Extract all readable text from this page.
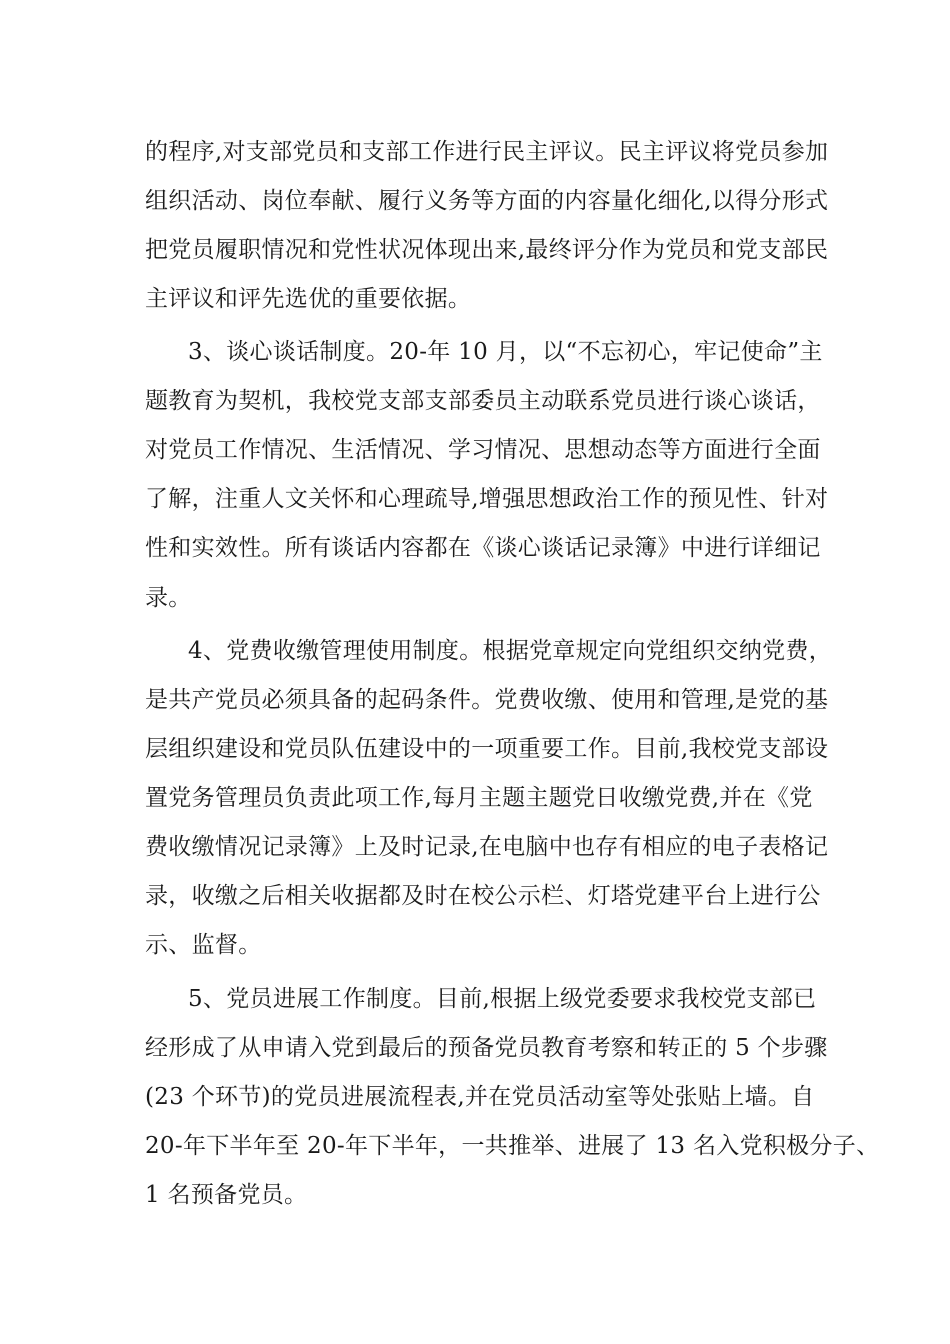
的程序,对支部党员和支部工作进行民主评议。民主评议将党员参加
组织活动、岗位奉献、履行义务等方面的内容量化细化,以得分形式
把党员履职情况和党性状况体现出来,最终评分作为党员和党支部民
主评议和评先选优的重要依据。
3、谈心谈话制度。20-年 10 月，以“不忘初心，牢记使命”主
题教育为契机，我校党支部支部委员主动联系党员进行谈心谈话，
对党员工作情况、生活情况、学习情况、思想动态等方面进行全面
了解，注重人文关怀和心理疏导,增强思想政治工作的预见性、针对
性和实效性。所有谈话内容都在《谈心谈话记录簿》中进行详细记
录。
4、党费收缴管理使用制度。根据党章规定向党组织交纳党费，
是共产党员必须具备的起码条件。党费收缴、使用和管理,是党的基
层组织建设和党员队伍建设中的一项重要工作。目前,我校党支部设
置党务管理员负责此项工作,每月主题主题党日收缴党费,并在《党
费收缴情况记录簿》上及时记录,在电脑中也存有相应的电子表格记
录，收缴之后相关收据都及时在校公示栏、灯塔党建平台上进行公
示、监督。
5、党员进展工作制度。目前,根据上级党委要求我校党支部已
经形成了从申请入党到最后的预备党员教育考察和转正的 5 个步骤
(23 个环节)的党员进展流程表,并在党员活动室等处张贴上墙。自
20-年下半年至 20-年下半年，一共推举、进展了 13 名入党积极分子、
1 名预备党员。
